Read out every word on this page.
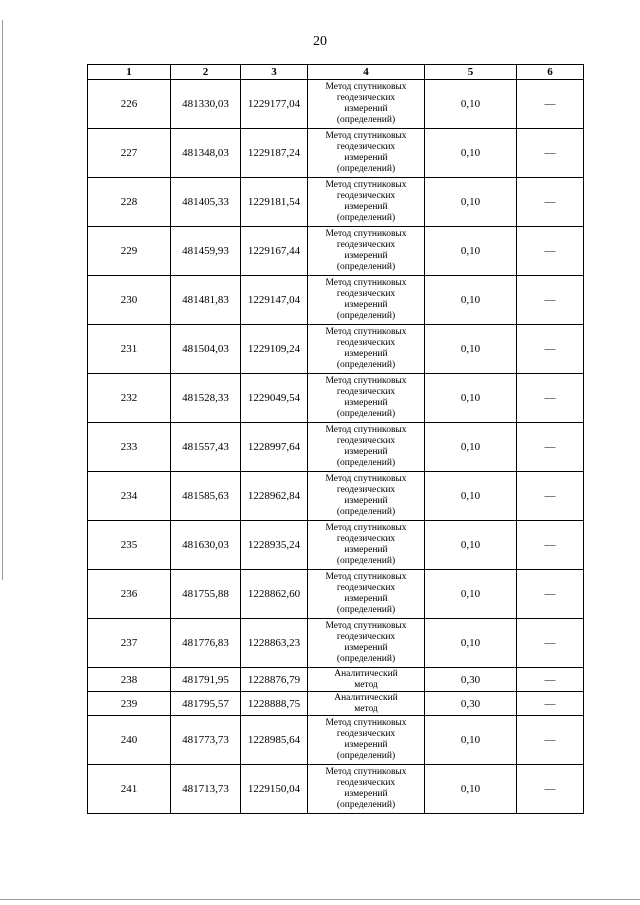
20
1	2	3	4	5	6
226	481330,03	1229177,04	Метод спутниковых
геодезических
измерений
(определений)	0,10	—
227	481348,03	1229187,24	Метод спутниковых
геодезических
измерений
(определений)	0,10	—
228	481405,33	1229181,54	Метод спутниковых
геодезических
измерений
(определений)	0,10	—
229	481459,93	1229167,44	Метод спутниковых
геодезических
измерений
(определений)	0,10	—
230	481481,83	1229147,04	Метод спутниковых
геодезических
измерений
(определений)	0,10	—
231	481504,03	1229109,24	Метод спутниковых
геодезических
измерений
(определений)	0,10	—
232	481528,33	1229049,54	Метод спутниковых
геодезических
измерений
(определений)	0,10	—
233	481557,43	1228997,64	Метод спутниковых
геодезических
измерений
(определений)	0,10	—
234	481585,63	1228962,84	Метод спутниковых
геодезических
измерений
(определений)	0,10	—
235	481630,03	1228935,24	Метод спутниковых
геодезических
измерений
(определений)	0,10	—
236	481755,88	1228862,60	Метод спутниковых
геодезических
измерений
(определений)	0,10	—
237	481776,83	1228863,23	Метод спутниковых
геодезических
измерений
(определений)	0,10	—
238	481791,95	1228876,79	Аналитический
метод	0,30	—
239	481795,57	1228888,75	Аналитический
метод	0,30	—
240	481773,73	1228985,64	Метод спутниковых
геодезических
измерений
(определений)	0,10	—
241	481713,73	1229150,04	Метод спутниковых
геодезических
измерений
(определений)	0,10	—
